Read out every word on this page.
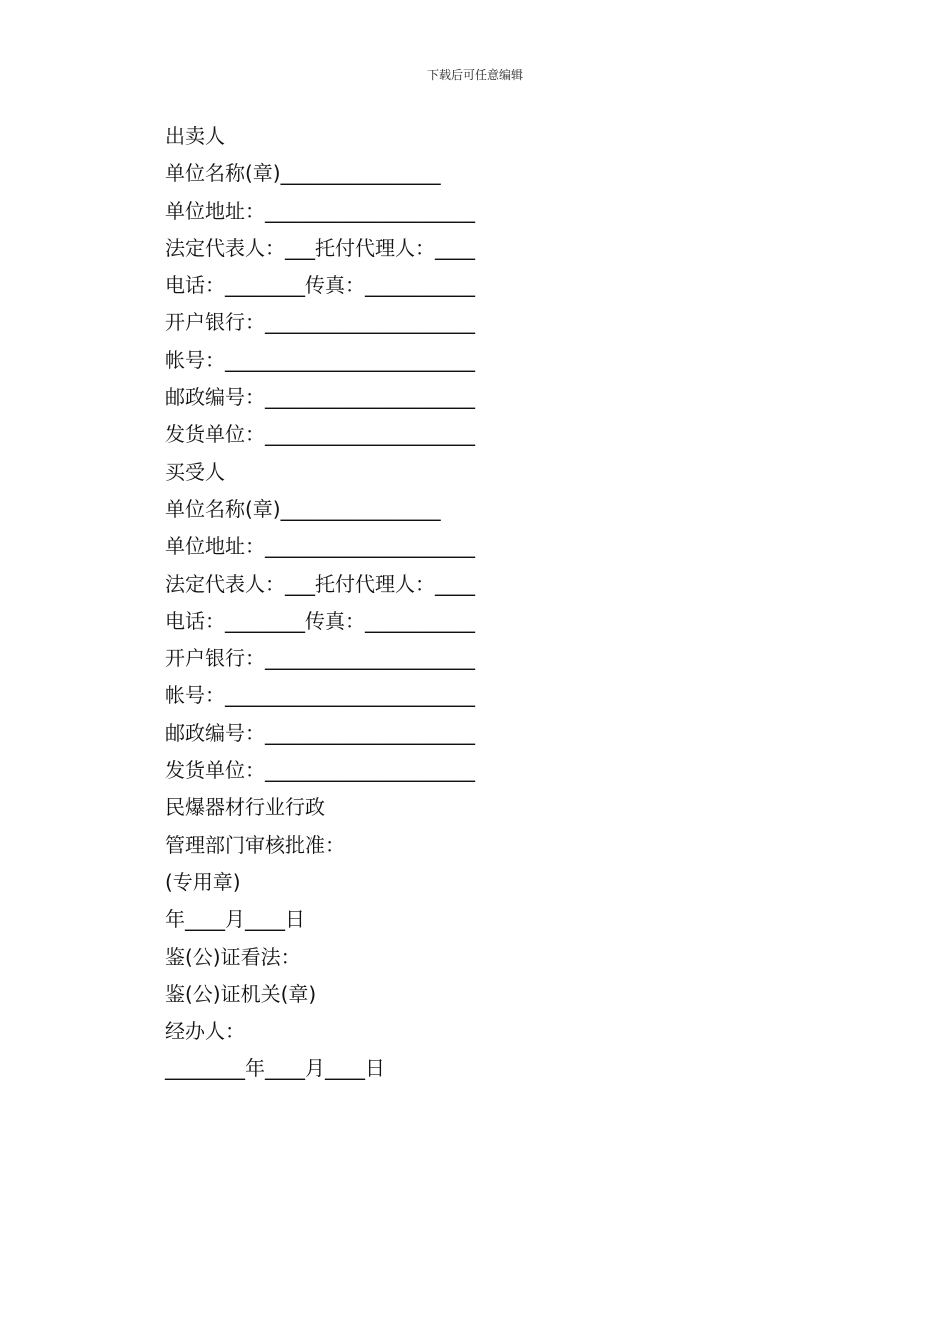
下载后可任意编辑
出卖人
单位名称(章)________________
单位地址：_____________________
法定代表人：___托付代理人：____
电话：________传真：___________
开户银行：_____________________
帐号：_________________________
邮政编号：_____________________
发货单位：_____________________
买受人
单位名称(章)________________
单位地址：_____________________
法定代表人：___托付代理人：____
电话：________传真：___________
开户银行：_____________________
帐号：_________________________
邮政编号：_____________________
发货单位：_____________________
民爆器材行业行政
管理部门审核批准：
(专用章)
年____月____日
鉴(公)证看法：
鉴(公)证机关(章)
经办人：
________年____月____日
